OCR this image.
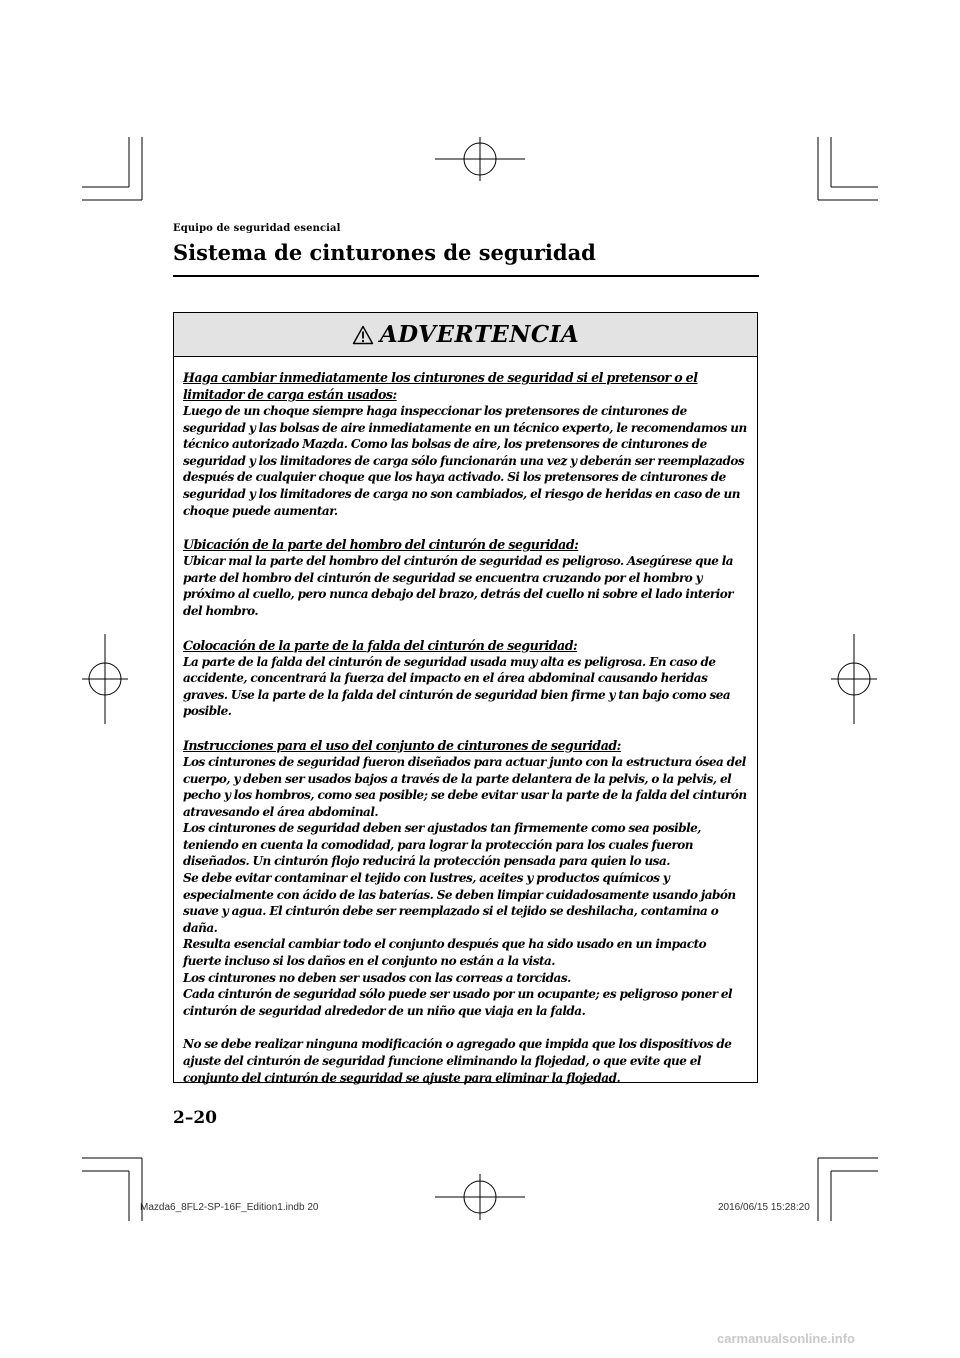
Equipo de seguridad esencial
Sistema de cinturones de seguridad
ADVERTENCIA

Haga cambiar inmediatamente los cinturones de seguridad si el pretensor o el limitador de carga están usados:

Luego de un choque siempre haga inspeccionar los pretensores de cinturones de seguridad y las bolsas de aire inmediatamente en un técnico experto, le recomendamos un técnico autorizado Mazda. Como las bolsas de aire, los pretensores de cinturones de seguridad y los limitadores de carga sólo funcionarán una vez y deberán ser reemplazados después de cualquier choque que los haya activado. Si los pretensores de cinturones de seguridad y los limitadores de carga no son cambiados, el riesgo de heridas en caso de un choque puede aumentar.

Ubicación de la parte del hombro del cinturón de seguridad:

Ubicar mal la parte del hombro del cinturón de seguridad es peligroso. Asegúrese que la parte del hombro del cinturón de seguridad se encuentra cruzando por el hombro y próximo al cuello, pero nunca debajo del brazo, detrás del cuello ni sobre el lado interior del hombro.

Colocación de la parte de la falda del cinturón de seguridad:

La parte de la falda del cinturón de seguridad usada muy alta es peligrosa. En caso de accidente, concentrará la fuerza del impacto en el área abdominal causando heridas graves. Use la parte de la falda del cinturón de seguridad bien firme y tan bajo como sea posible.

Instrucciones para el uso del conjunto de cinturones de seguridad:

Los cinturones de seguridad fueron diseñados para actuar junto con la estructura ósea del cuerpo, y deben ser usados bajos a través de la parte delantera de la pelvis, o la pelvis, el pecho y los hombros, como sea posible; se debe evitar usar la parte de la falda del cinturón atravesando el área abdominal.

Los cinturones de seguridad deben ser ajustados tan firmemente como sea posible, teniendo en cuenta la comodidad, para lograr la protección para los cuales fueron diseñados. Un cinturón flojo reducirá la protección pensada para quien lo usa.

Se debe evitar contaminar el tejido con lustres, aceites y productos químicos y especialmente con ácido de las baterías. Se deben limpiar cuidadosamente usando jabón suave y agua. El cinturón debe ser reemplazado si el tejido se deshilacha, contamina o daña.

Resulta esencial cambiar todo el conjunto después que ha sido usado en un impacto fuerte incluso si los daños en el conjunto no están a la vista.

Los cinturones no deben ser usados con las correas a torcidas.

Cada cinturón de seguridad sólo puede ser usado por un ocupante; es peligroso poner el cinturón de seguridad alrededor de un niño que viaja en la falda.

No se debe realizar ninguna modificación o agregado que impida que los dispositivos de ajuste del cinturón de seguridad funcione eliminando la flojedad, o que evite que el conjunto del cinturón de seguridad se ajuste para eliminar la flojedad.

2–20
Mazda6_8FL2-SP-16F_Edition1.indb 20	2016/06/15 15:28:20
carmanualsonline.info
